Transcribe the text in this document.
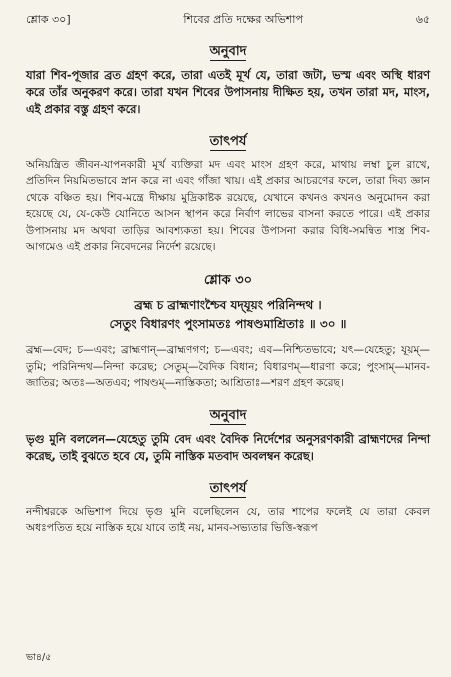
শ্লোক ৩০]	শিবের প্রতি দক্ষের অভিশাপ	৬৫
অনুবাদ

যারা শিব-পূজার ব্রত গ্রহণ করে, তারা এতই মূর্খ যে, তারা জটা, ভস্ম এবং অস্থি ধারণ করে তাঁর অনুকরণ করে। তারা যখন শিবের উপাসনায় দীক্ষিত হয়, তখন তারা মদ, মাংস, এই প্রকার বস্তু গ্রহণ করে।

তাৎপর্য

অনিয়ন্ত্রিত জীবন-যাপনকারী মূর্খ ব্যক্তিরা মদ এবং মাংস গ্রহণ করে, মাথায় লম্বা চুল রাখে, প্রতিদিন নিয়মিতভাবে স্নান করে না এবং গাঁজা খায়। এই প্রকার আচরণের ফলে, তারা দিব্য জ্ঞান থেকে বঞ্চিত হয়। শিব-মন্ত্রে দীক্ষায় মুদ্রিকাষ্টক রয়েছে, যেখানে কখনও কখনও অনুমোদন করা হয়েছে যে, যে-কেউ যোনিতে আসন স্থাপন করে নির্বাণ লাভের বাসনা করতে পারে। এই প্রকার উপাসনায় মদ অথবা তাড়ির আবশ্যকতা হয়। শিবের উপাসনা করার বিধি-সমন্বিত শাস্ত্র শিব-আগমেও এই প্রকার নিবেদনের নির্দেশ রয়েছে।

শ্লোক ৩০
ব্রহ্ম চ ব্রাহ্মণাংশ্চৈব যদ্‌যূয়ং পরিনিন্দথ ।
সেতুং বিধারণং পুংসামতঃ পাষণ্ডমাশ্রিতাঃ ॥ ৩০ ॥

ব্রহ্ম—বেদ; চ—এবং; ব্রাহ্মণান্—ব্রাহ্মণগণ; চ—এবং; এব—নিশ্চিতভাবে; যৎ—যেহেতু; যূয়ম্—তুমি; পরিনিন্দথ—নিন্দা করেছ; সেতুম্—বৈদিক বিধান; বিধারণম্—ধারণা করে; পুংসাম্—মানব-জাতির; অতঃ—অতএব; পাষণ্ডম্—নাস্তিকতা; আশ্রিতাঃ—শরণ গ্রহণ করেছ।

অনুবাদ

ভৃগু মুনি বললেন—যেহেতু তুমি বেদ এবং বৈদিক নির্দেশের অনুসরণকারী ব্রাহ্মণদের নিন্দা করেছ, তাই বুঝতে হবে যে, তুমি নাস্তিক মতবাদ অবলম্বন করেছ।

তাৎপর্য

নন্দীশ্বরকে অভিশাপ দিয়ে ভৃগু মুনি বলেছিলেন যে, তার শাপের ফলেই যে তারা কেবল অধঃপতিত হয়ে নাস্তিক হয়ে যাবে তাই নয়, মানব-সভ্যতার ভিত্তি-স্বরূপ

ভা৪/৫
